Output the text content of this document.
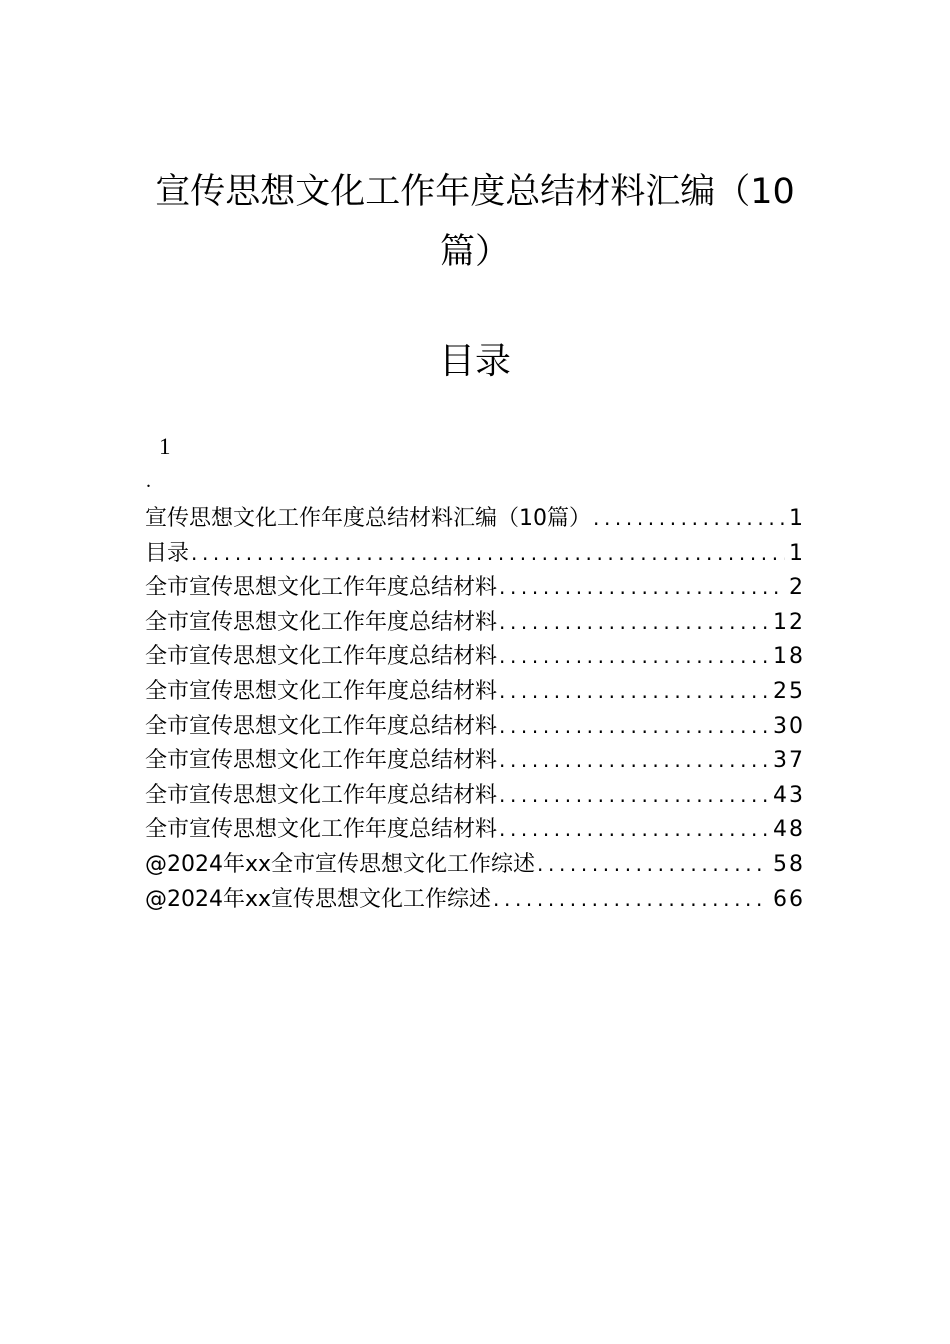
宣传思想文化工作年度总结材料汇编（10
篇）
目录
1
.
宣传思想文化工作年度总结材料汇编（10篇） .....	1
目录 .....	1
全市宣传思想文化工作年度总结材料 .....	2
全市宣传思想文化工作年度总结材料 .....	12
全市宣传思想文化工作年度总结材料 .....	18
全市宣传思想文化工作年度总结材料 .....	25
全市宣传思想文化工作年度总结材料 .....	30
全市宣传思想文化工作年度总结材料 .....	37
全市宣传思想文化工作年度总结材料 .....	43
全市宣传思想文化工作年度总结材料 .....	48
@2024年xx全市宣传思想文化工作综述 .....	58
@2024年xx宣传思想文化工作综述 .....	66
